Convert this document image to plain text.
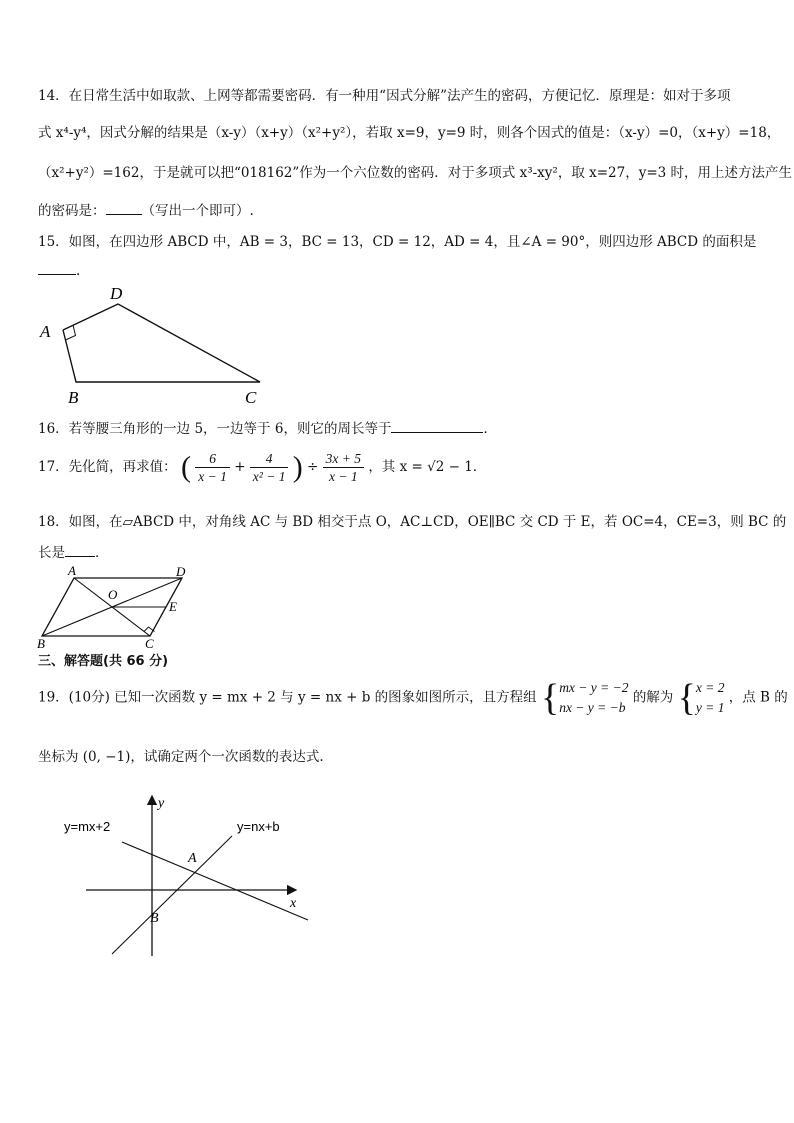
14．在日常生活中如取款、上网等都需要密码．有一种用“因式分解”法产生的密码，方便记忆．原理是：如对于多项
式 x⁴-y⁴，因式分解的结果是（x-y）（x+y）（x²+y²），若取 x=9，y=9 时，则各个因式的值是：（x-y）=0，（x+y）=18，
（x²+y²）=162，于是就可以把“018162”作为一个六位数的密码．对于多项式 x³-xy²，取 x=27，y=3 时，用上述方法产生
的密码是：	（写出一个即可）.
15．如图，在四边形 ABCD 中，AB = 3，BC = 13，CD = 12，AD = 4，且∠A = 90°，则四边形 ABCD 的面积是
.
A
D
B	C
16．若等腰三角形的一边 5，一边等于 6，则它的周长等于	．
17．先化简，再求值： ( $\frac{6}{x - 1} + \frac{4}{\text{x² − 1}}$ ) ÷ $\frac{3x + 5}{x - 1}$ ，其 x = √2 − 1．
18．如图，在▱ABCD 中，对角线 AC 与 BD 相交于点 O，AC⊥CD，OE∥BC 交 CD 于 E，若 OC=4，CE=3，则 BC 的
长是 ．
A	D
O
E
B	C
三、解答题(共 66 分)
19．(10分) 已知一次函数 y = mx + 2 与 y = nx + b 的图象如图所示，且方程组 { mx − y = −2
nx − y = −b
的解为 { x = 2
y = 1
，点 B 的
坐标为 (0, −1)，试确定两个一次函数的表达式.
y
x
A
B
y=mx+2	y=nx+b
